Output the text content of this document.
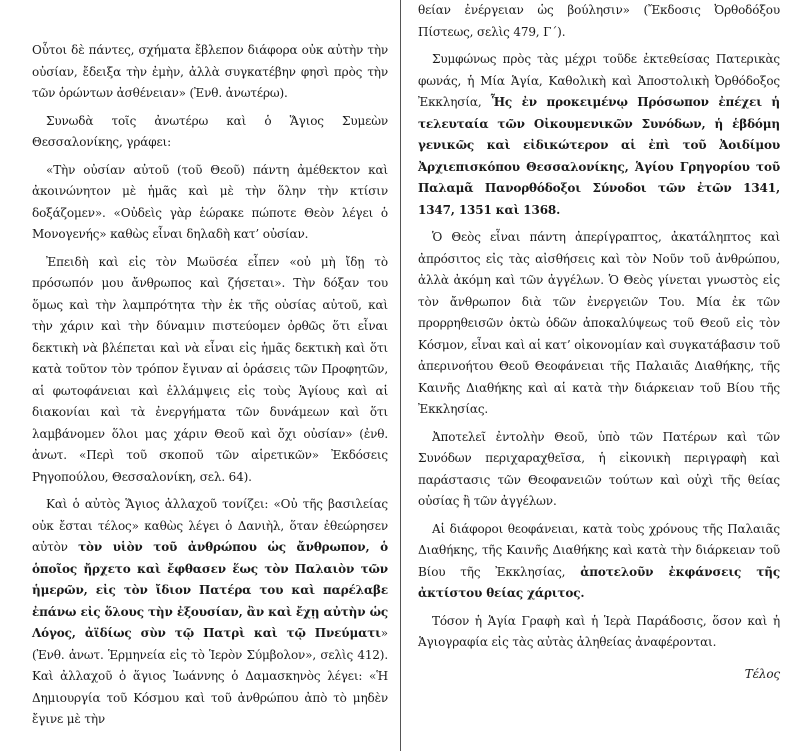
Οὗτοι δὲ πάντες, σχήματα ἔβλεπον διάφορα οὐκ αὐτὴν τὴν οὐσίαν, ἔδειξα τὴν ἐμὴν, ἀλλὰ συγκατέβην φησὶ πρὸς τὴν τῶν ὁρώντων ἀσθένειαν» (Ἐνθ. ἀνωτέρω).

Συνωδὰ τοῖς ἀνωτέρω καὶ ὁ Ἅγιος Συμεὼν Θεσσαλονίκης, γράφει:

«Τὴν οὐσίαν αὐτοῦ (τοῦ Θεοῦ) πάντη ἀμέθεκτον καὶ ἀκοινώνητον μὲ ἡμᾶς καὶ μὲ τὴν ὅλην τὴν κτίσιν δοξάζομεν». «Οὐδεὶς γὰρ ἑώρακε πώποτε Θεὸν λέγει ὁ Μονογενής» καθὼς εἶναι δηλαδὴ κατ’ οὐσίαν.

Ἐπειδὴ καὶ εἰς τὸν Μωϋσέα εἶπεν «οὐ μὴ ἴδῃ τὸ πρόσωπόν μου ἄνθρωπος καὶ ζήσεται». Τὴν δόξαν του ὅμως καὶ τὴν λαμπρότητα τὴν ἐκ τῆς οὐσίας αὐτοῦ, καὶ τὴν χάριν καὶ τὴν δύναμιν πιστεύομεν ὀρθῶς ὅτι εἶναι δεκτικὴ νὰ βλέπεται καὶ νὰ εἶναι εἰς ἡμᾶς δεκτικὴ καὶ ὅτι κατὰ τοῦτον τὸν τρόπον ἔγιναν αἱ ὁράσεις τῶν Προφητῶν, αἱ φωτοφάνειαι καὶ ἐλλάμψεις εἰς τοὺς Ἁγίους καὶ αἱ διακονίαι καὶ τὰ ἐνεργήματα τῶν δυνάμεων καὶ ὅτι λαμβάνομεν ὅλοι μας χάριν Θεοῦ καὶ ὄχι οὐσίαν» (ἐνθ. ἀνωτ. «Περὶ τοῦ σκοποῦ τῶν αἱρετικῶν» Ἐκδόσεις Ρηγοπούλου, Θεσσαλονίκη, σελ. 64).

Καὶ ὁ αὐτὸς Ἅγιος ἀλλαχοῦ τονίζει: «Οὐ τῆς βασιλείας οὐκ ἔσται τέλος» καθὼς λέγει ὁ Δανιὴλ, ὅταν ἐθεώρησεν αὐτὸν τὸν υἱὸν τοῦ ἀνθρώπου ὡς ἄνθρωπον, ὁ ὁποῖος ἤρχετο καὶ ἔφθασεν ἕως τὸν Παλαιὸν τῶν ἡμερῶν, εἰς τὸν ἴδιον Πατέρα του καὶ παρέλαβε ἐπάνω εἰς ὅλους τὴν ἐξουσίαν, ἂν καὶ ἔχῃ αὐτὴν ὡς Λόγος, ἀϊδίως σὺν τῷ Πατρὶ καὶ τῷ Πνεύματι» (Ἐνθ. ἀνωτ. Ἑρμηνεία εἰς τὸ Ἱερὸν Σύμβολον», σελὶς 412). Καὶ ἀλλαχοῦ ὁ ἅγιος Ἰωάννης ὁ Δαμασκηνὸς λέγει: «Ἡ Δημιουργία τοῦ Κόσμου καὶ τοῦ ἀνθρώπου ἀπὸ τὸ μηδὲν ἔγινε μὲ τὴν

θείαν ἐνέργειαν ὡς βούλησιν» (Ἔκδοσις Ὀρθοδόξου Πίστεως, σελὶς 479, Γ΄).

Συμφώνως πρὸς τὰς μέχρι τοῦδε ἐκτεθείσας Πατερικὰς φωνάς, ἡ Μία Ἁγία, Καθολικὴ καὶ Ἀποστολικὴ Ὀρθόδοξος Ἐκκλησία, Ἧς ἐν προκειμένῳ Πρόσωπον ἐπέχει ἡ τελευταία τῶν Οἰκουμενικῶν Συνόδων, ἡ ἑβδόμη γενικῶς καὶ εἰδικώτερον αἱ ἐπὶ τοῦ Ἀοιδίμου Ἀρχιεπισκόπου Θεσσαλονίκης, Ἁγίου Γρηγορίου τοῦ Παλαμᾶ Πανορθόδοξοι Σύνοδοι τῶν ἐτῶν 1341, 1347, 1351 καὶ 1368.

Ὁ Θεὸς εἶναι πάντη ἀπερίγραπτος, ἀκατάληπτος καὶ ἀπρόσιτος εἰς τὰς αἰσθήσεις καὶ τὸν Νοῦν τοῦ ἀνθρώπου, ἀλλὰ ἀκόμη καὶ τῶν ἀγγέλων. Ὁ Θεὸς γίνεται γνωστὸς εἰς τὸν ἄνθρωπον διὰ τῶν ἐνεργειῶν Του. Μία ἐκ τῶν προρρηθεισῶν ὀκτὼ ὁδῶν ἀποκαλύψεως τοῦ Θεοῦ εἰς τὸν Κόσμον, εἶναι καὶ αἱ κατ’ οἰκονομίαν καὶ συγκατάβασιν τοῦ ἀπερινοήτου Θεοῦ Θεοφάνειαι τῆς Παλαιᾶς Διαθήκης, τῆς Καινῆς Διαθήκης καὶ αἱ κατὰ τὴν διάρκειαν τοῦ Βίου τῆς Ἐκκλησίας.

Ἀποτελεῖ ἐντολὴν Θεοῦ, ὑπὸ τῶν Πατέρων καὶ τῶν Συνόδων περιχαραχθεῖσα, ἡ εἰκονικὴ περιγραφὴ καὶ παράστασις τῶν Θεοφανειῶν τούτων καὶ οὐχὶ τῆς θείας οὐσίας ἢ τῶν ἀγγέλων.

Αἱ διάφοροι θεοφάνειαι, κατὰ τοὺς χρόνους τῆς Παλαιᾶς Διαθήκης, τῆς Καινῆς Διαθήκης καὶ κατὰ τὴν διάρκειαν τοῦ Βίου τῆς Ἐκκλησίας, ἀποτελοῦν ἐκφάνσεις τῆς ἀκτίστου θείας χάριτος.

Τόσον ἡ Ἁγία Γραφὴ καὶ ἡ Ἱερὰ Παράδοσις, ὅσον καὶ ἡ Ἁγιογραφία εἰς τὰς αὐτὰς ἀληθείας ἀναφέρονται.

Τέλος
